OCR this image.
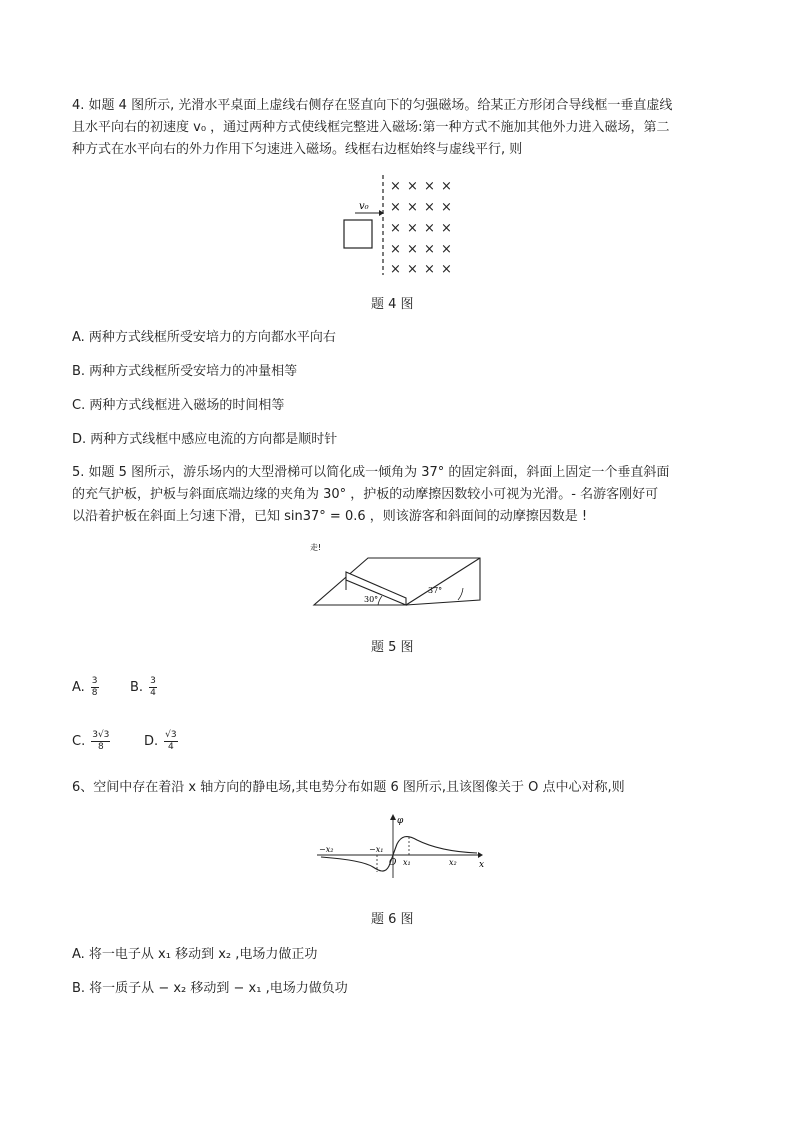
4. 如题 4 图所示, 光滑水平桌面上虚线右侧存在竖直向下的匀强磁场。给某正方形闭合导线框一垂直虚线
且水平向右的初速度 v₀ ，通过两种方式使线框完整进入磁场:第一种方式不施加其他外力进入磁场，第二
种方式在水平向右的外力作用下匀速进入磁场。线框右边框始终与虚线平行, 则
v₀
× × × ×
× × × ×
× × × ×
× × × ×
× × × ×
题 4 图
A. 两种方式线框所受安培力的方向都水平向右
B. 两种方式线框所受安培力的冲量相等
C. 两种方式线框进入磁场的时间相等
D. 两种方式线框中感应电流的方向都是顺时针
5. 如题 5 图所示，游乐场内的大型滑梯可以简化成一倾角为 37° 的固定斜面，斜面上固定一个垂直斜面
的充气护板，护板与斜面底端边缘的夹角为 30° ，护板的动摩擦因数较小可视为光滑。- 名游客刚好可
以沿着护板在斜面上匀速下滑，已知 sin37° = 0.6 ，则该游客和斜面间的动摩擦因数是 !
走!
30°
37°
题 5 图
A. $\frac{3}{8} B$. $\frac{3}{4}$
C. $\frac{3√3}{8}$	D. $\frac{√3}{4}$
6、空间中存在着沿 x 轴方向的静电场,其电势分布如题 6 图所示,且该图像关于 O 点中心对称,则
φ
x
O
−x₂	−x₁
x₁	x₂
题 6 图
A. 将一电子从 x₁ 移动到 x₂ ,电场力做正功
B. 将一质子从 − x₂ 移动到 − x₁ ,电场力做负功
